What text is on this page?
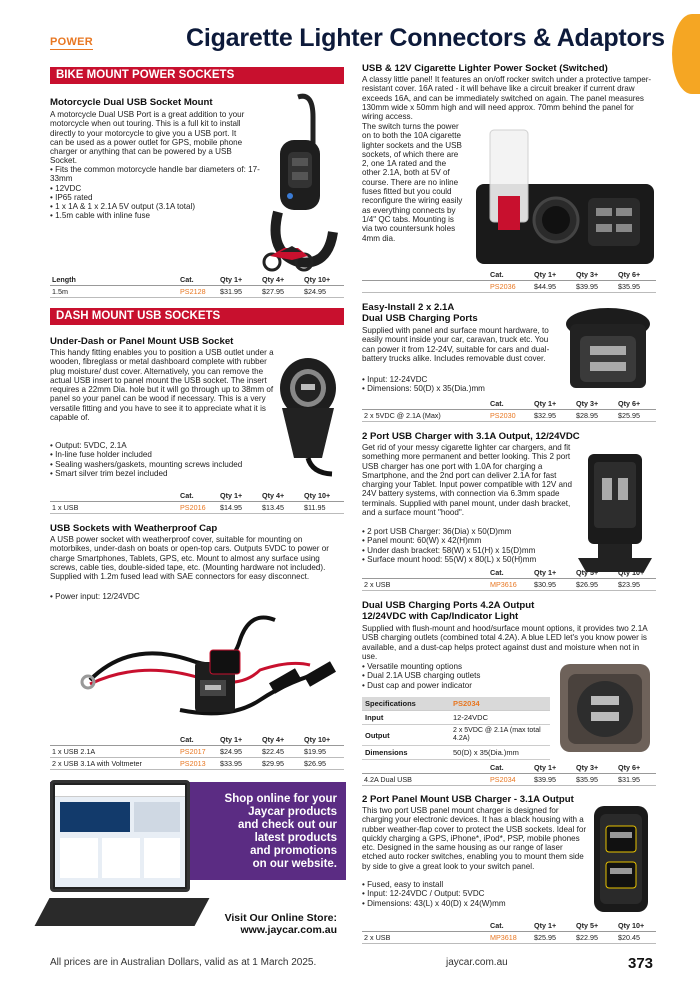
POWER	Cigarette Lighter Connectors & Adaptors
BIKE MOUNT POWER SOCKETS
Motorcycle Dual USB Socket Mount
A motorcycle Dual USB Port is a great addition to your motorcycle when out touring. This is a full kit to install directly to your motorcycle to give you a USB port. It can be used as a power outlet for GPS, mobile phone charger or anything that can be powered by a USB Socket.
• Fits the common motorcycle handle bar diameters of: 17-33mm
• 12VDC
• IP65 rated
• 1 x 1A & 1 x 2.1A 5V output (3.1A total)
• 1.5m cable with inline fuse
Length	Cat.	Qty 1+	Qty 4+	Qty 10+
1.5m	PS2128	$31.95	$27.95	$24.95
DASH MOUNT USB SOCKETS
Under-Dash or Panel Mount USB Socket
This handy fitting enables you to position a USB outlet under a wooden, fibreglass or metal dashboard complete with rubber plug moisture/ dust cover. Alternatively, you can remove the actual USB insert to panel mount the USB socket. The insert requires a 22mm Dia. hole but it will go through up to 38mm of panel so your panel can be wood if necessary. This is a very versatile fitting and you have to see it to appreciate what it is capable of.
• Output: 5VDC, 2.1A
• In-line fuse holder included
• Sealing washers/gaskets, mounting screws included
• Smart silver trim bezel included
	Cat.	Qty 1+	Qty 4+	Qty 10+
1 x USB	PS2016	$14.95	$13.45	$11.95
USB Sockets with Weatherproof Cap
A USB power socket with weatherproof cover, suitable for mounting on motorbikes, under-dash on boats or open-top cars. Outputs 5VDC to power or charge Smartphones, Tablets, GPS, etc. Mount to almost any surface using screws, cable ties, double-sided tape, etc. (Mounting hardware not included). Supplied with 1.2m fused lead with SAE connectors for easy disconnect.
• Power input: 12/24VDC
	Cat.	Qty 1+	Qty 4+	Qty 10+
1 x USB 2.1A	PS2017	$24.95	$22.45	$19.95
2 x USB 3.1A with Voltmeter	PS2013	$33.95	$29.95	$26.95
Shop online for your
Jaycar products
and check out our
latest products
and promotions
on our website.
Visit Our Online Store:
www.jaycar.com.au
USB & 12V Cigarette Lighter Power Socket (Switched)
A classy little panel! It features an on/off rocker switch under a protective tamper-resistant cover. 16A rated - it will behave like a circuit breaker if current draw exceeds 16A, and can be immediately switched on again. The panel measures 130mm wide x 50mm high and will need approx. 70mm behind the panel for wiring access.
The switch turns the power on to both the 10A cigarette lighter sockets and the USB sockets, of which there are 2, one 1A rated and the other 2.1A, both at 5V of course. There are no inline fuses fitted but you could reconfigure the wiring easily as everything connects by 1/4" QC tabs. Mounting is via two countersunk holes 4mm dia.
	Cat.	Qty 1+	Qty 3+	Qty 6+
	PS2036	$44.95	$39.95	$35.95
Easy-Install 2 x 2.1A
Dual USB Charging Ports
Supplied with panel and surface mount hardware, to easily mount inside your car, caravan, truck etc. You can power it from 12-24V, suitable for cars and dual-battery trucks alike. Includes removable dust cover.
• Input: 12-24VDC
• Dimensions: 50(D) x 35(Dia.)mm
	Cat.	Qty 1+	Qty 3+	Qty 6+
2 x 5VDC @ 2.1A (Max)	PS2030	$32.95	$28.95	$25.95
2 Port USB Charger with 3.1A Output, 12/24VDC
Get rid of your messy cigarette lighter car chargers, and fit something more permanent and better looking. This 2 port USB charger has one port with 1.0A for charging a Smartphone, and the 2nd port can deliver 2.1A for fast charging your Tablet. Input power compatible with 12V and 24V battery systems, with connection via 6.3mm spade terminals. Supplied with panel mount, under dash bracket, and a surface mount "hood".
• 2 port USB Charger: 36(Dia) x 50(D)mm
• Panel mount: 60(W) x 42(H)mm
• Under dash bracket: 58(W) x 51(H) x 15(D)mm
• Surface mount hood: 55(W) x 80(L) x 50(H)mm
	Cat.	Qty 1+	Qty 5+	Qty 10+
2 x USB	MP3616	$30.95	$26.95	$23.95
Dual USB Charging Ports 4.2A Output
12/24VDC with Cap/Indicator Light
Supplied with flush-mount and hood/surface mount options, it provides two 2.1A USB charging outlets (combined total 4.2A). A blue LED let's you know power is available, and a dust-cap helps protect against dust and moisture when not in use.
• Versatile mounting options
• Dual 2.1A USB charging outlets
• Dust cap and power indicator
Specifications	PS2034
Input	12-24VDC
Output	2 x 5VDC @ 2.1A (max total 4.2A)
Dimensions	50(D) x 35(Dia.)mm
	Cat.	Qty 1+	Qty 3+	Qty 6+
4.2A Dual USB	PS2034	$39.95	$35.95	$31.95
2 Port Panel Mount USB Charger - 3.1A Output
This two port USB panel mount charger is designed for charging your electronic devices. It has a black housing with a rubber weather-flap cover to protect the USB sockets. Ideal for quickly charging a GPS, iPhone*, iPod*, PSP, mobile phones etc. Designed in the same housing as our range of laser etched auto rocker switches, enabling you to mount them side by side to give a great look to your switch panel.
• Fused, easy to install
• Input: 12-24VDC / Output: 5VDC
• Dimensions: 43(L) x 40(D) x 24(W)mm
	Cat.	Qty 1+	Qty 5+	Qty 10+
2 x USB	MP3618	$25.95	$22.95	$20.45
All prices are in Australian Dollars, valid as at 1 March 2025.	jaycar.com.au	373
